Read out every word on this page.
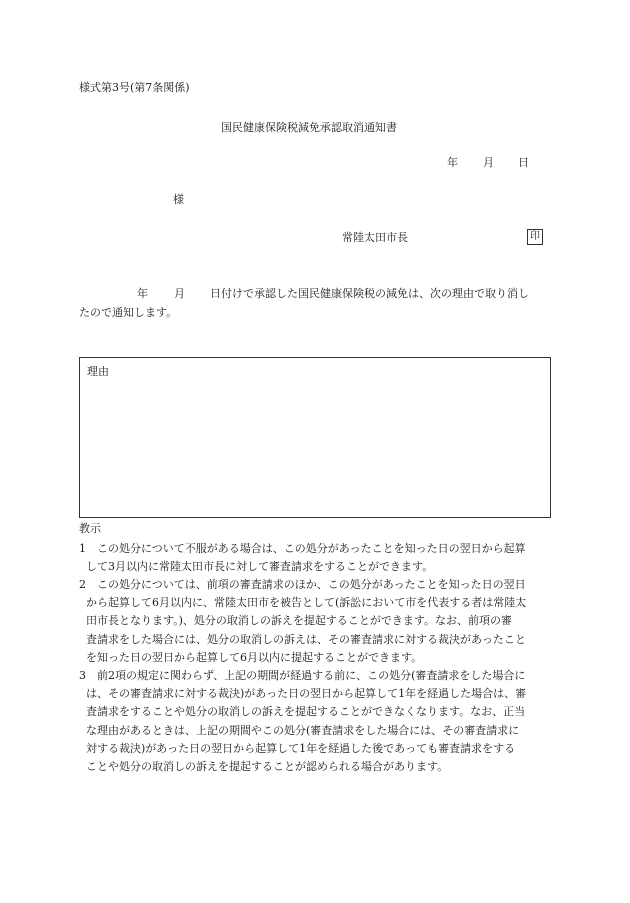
様式第3号(第7条関係)
国民健康保険税減免承認取消通知書
年 月 日
様
常陸太田市長	印
年 月 日付けで承認した国民健康保険税の減免は、次の理由で取り消し
たので通知します。
理由
教示
1　この処分について不服がある場合は、この処分があったことを知った日の翌日から起算
して3月以内に常陸太田市長に対して審査請求をすることができます。
2　この処分については、前項の審査請求のほか、この処分があったことを知った日の翌日
から起算して6月以内に、常陸太田市を被告として(訴訟において市を代表する者は常陸太
田市長となります。)、処分の取消しの訴えを提起することができます。なお、前項の審
査請求をした場合には、処分の取消しの訴えは、その審査請求に対する裁決があったこと
を知った日の翌日から起算して6月以内に提起することができます。
3　前2項の規定に関わらず、上記の期間が経過する前に、この処分(審査請求をした場合に
は、その審査請求に対する裁決)があった日の翌日から起算して1年を経過した場合は、審
査請求をすることや処分の取消しの訴えを提起することができなくなります。なお、正当
な理由があるときは、上記の期間やこの処分(審査請求をした場合には、その審査請求に
対する裁決)があった日の翌日から起算して1年を経過した後であっても審査請求をする
ことや処分の取消しの訴えを提起することが認められる場合があります。
